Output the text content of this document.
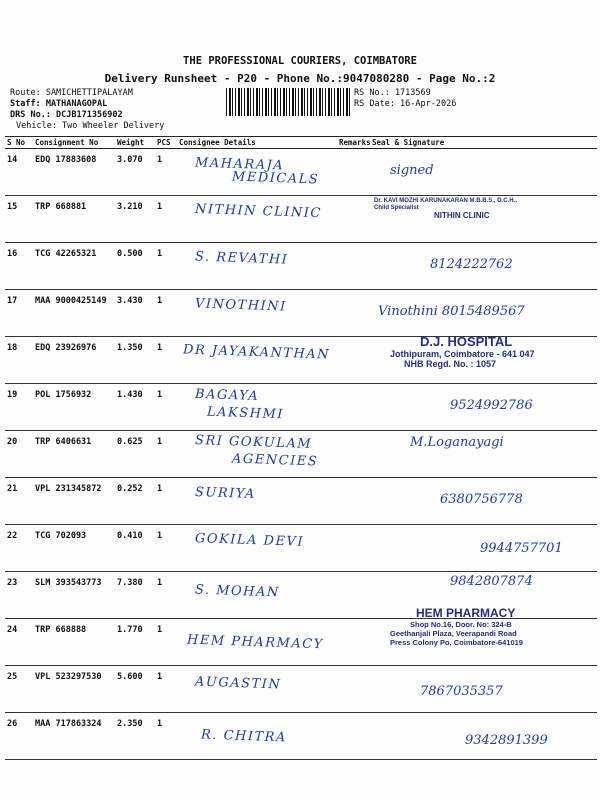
THE PROFESSIONAL COURIERS, COIMBATORE
Delivery Runsheet - P20 - Phone No.:9047080280 - Page No.:2
Route: SAMICHETTIPALAYAM
Staff: MATHANAGOPAL
DRS No.: DCJB171356902
Vehicle: Two Wheeler Delivery
RS No.: 1713569
RS Date: 16-Apr-2026
S No	Consignment No	Weight	PCS	Consignee Details	Remarks	Seal & Signature
14	EDQ 17883608	3.070	1	MAHARAJA
MEDICALS		signed

15	TRP 668881	3.210	1	NITHIN CLINIC		Dr. KAVI MOZHI KARUNAKARAN M.B.B.S., D.C.H.,
Child Specialist
NITHIN CLINIC

16	TCG 42265321	0.500	1	S. REVATHI		8124222762

17	MAA 9000425149	3.430	1	VINOTHINI		Vinothini 8015489567

18	EDQ 23926976	1.350	1	DR JAYAKANTHAN		D.J. HOSPITAL
Jothipuram, Coimbatore - 641 047
NHB Regd. No. : 1057

19	POL 1756932	1.430	1	BAGAYA
LAKSHMI		9524992786

20	TRP 6406631	0.625	1	SRI GOKULAM
AGENCIES		M.Loganayagi

21	VPL 231345872	0.252	1	SURIYA		6380756778

22	TCG 702093	0.410	1	GOKILA DEVI		9944757701

23	SLM 393543773	7.380	1	S. MOHAN		9842807874

24	TRP 668888	1.770	1	HEM PHARMACY		HEM PHARMACY
Shop No.16, Door. No: 324-B
Geethanjali Plaza, Veerapandi Road
Press Colony Po, Coimbatore-641019

25	VPL 523297530	5.600	1	AUGASTIN		7867035357

26	MAA 717863324	2.350	1	R. CHITRA		9342891399
